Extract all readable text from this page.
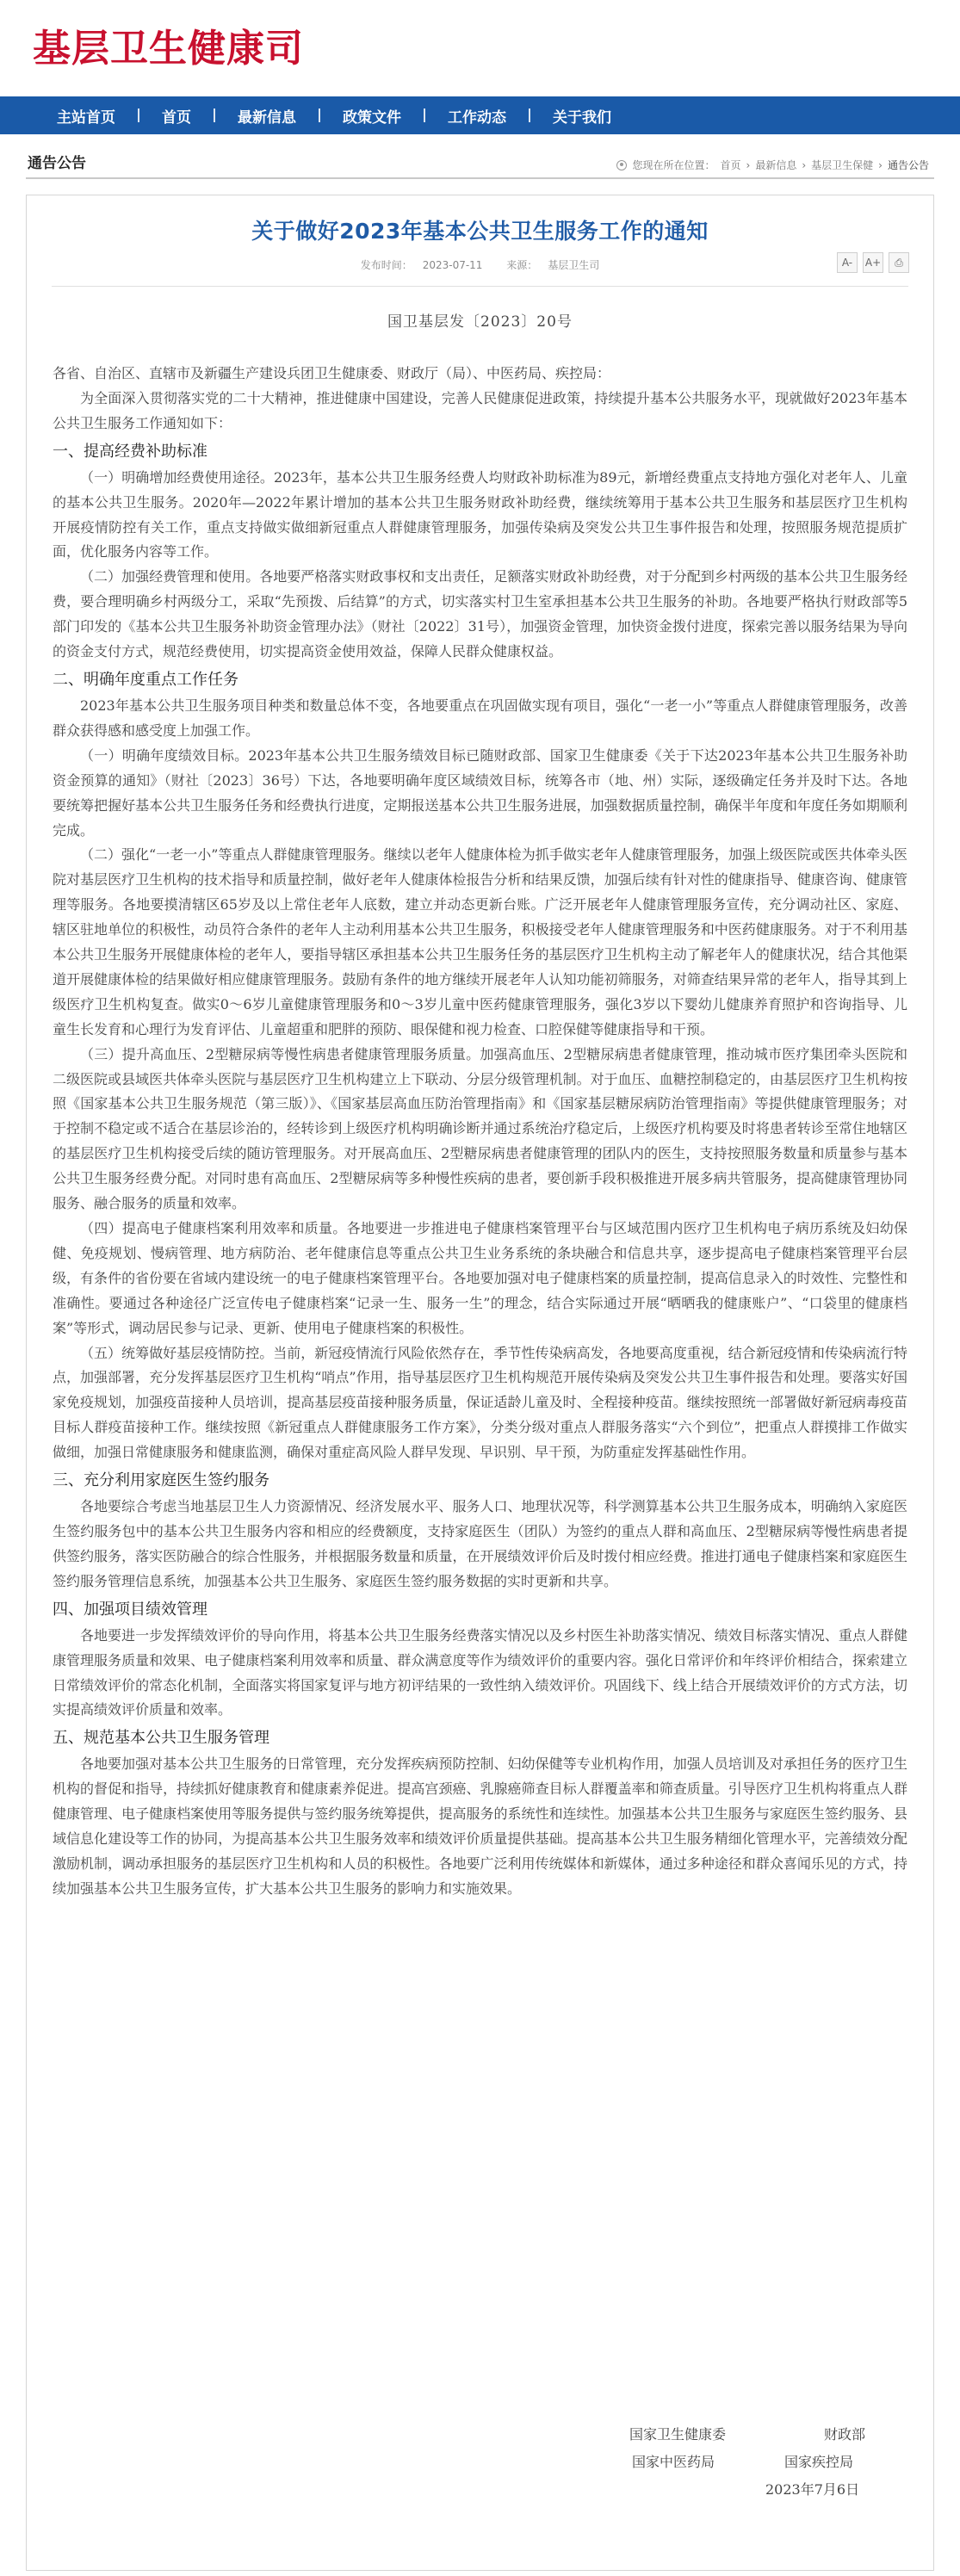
基层卫生健康司
主站首页	首页	最新信息	政策文件	工作动态	关于我们
通告公告	您现在所在位置： 首页 › 最新信息 › 基层卫生保健 › 通告公告
关于做好2023年基本公共卫生服务工作的通知
发布时间： 2023-07-11 来源： 基层卫生司	A-	A+	⎙
国卫基层发〔2023〕20号

各省、自治区、直辖市及新疆生产建设兵团卫生健康委、财政厅（局）、中医药局、疾控局：

为全面深入贯彻落实党的二十大精神，推进健康中国建设，完善人民健康促进政策，持续提升基本公共服务水平，现就做好2023年基本公共卫生服务工作通知如下：

一、提高经费补助标准

（一）明确增加经费使用途径。2023年，基本公共卫生服务经费人均财政补助标准为89元，新增经费重点支持地方强化对老年人、儿童的基本公共卫生服务。2020年—2022年累计增加的基本公共卫生服务财政补助经费，继续统筹用于基本公共卫生服务和基层医疗卫生机构开展疫情防控有关工作，重点支持做实做细新冠重点人群健康管理服务，加强传染病及突发公共卫生事件报告和处理，按照服务规范提质扩面，优化服务内容等工作。

（二）加强经费管理和使用。各地要严格落实财政事权和支出责任，足额落实财政补助经费，对于分配到乡村两级的基本公共卫生服务经费，要合理明确乡村两级分工，采取“先预拨、后结算”的方式，切实落实村卫生室承担基本公共卫生服务的补助。各地要严格执行财政部等5部门印发的《基本公共卫生服务补助资金管理办法》（财社〔2022〕31号），加强资金管理，加快资金拨付进度，探索完善以服务结果为导向的资金支付方式，规范经费使用，切实提高资金使用效益，保障人民群众健康权益。

二、明确年度重点工作任务

2023年基本公共卫生服务项目种类和数量总体不变，各地要重点在巩固做实现有项目，强化“一老一小”等重点人群健康管理服务，改善群众获得感和感受度上加强工作。

（一）明确年度绩效目标。2023年基本公共卫生服务绩效目标已随财政部、国家卫生健康委《关于下达2023年基本公共卫生服务补助资金预算的通知》（财社〔2023〕36号）下达，各地要明确年度区域绩效目标，统筹各市（地、州）实际，逐级确定任务并及时下达。各地要统筹把握好基本公共卫生服务任务和经费执行进度，定期报送基本公共卫生服务进展，加强数据质量控制，确保半年度和年度任务如期顺利完成。

（二）强化“一老一小”等重点人群健康管理服务。继续以老年人健康体检为抓手做实老年人健康管理服务，加强上级医院或医共体牵头医院对基层医疗卫生机构的技术指导和质量控制，做好老年人健康体检报告分析和结果反馈，加强后续有针对性的健康指导、健康咨询、健康管理等服务。各地要摸清辖区65岁及以上常住老年人底数，建立并动态更新台账。广泛开展老年人健康管理服务宣传，充分调动社区、家庭、辖区驻地单位的积极性，动员符合条件的老年人主动利用基本公共卫生服务，积极接受老年人健康管理服务和中医药健康服务。对于不利用基本公共卫生服务开展健康体检的老年人，要指导辖区承担基本公共卫生服务任务的基层医疗卫生机构主动了解老年人的健康状况，结合其他渠道开展健康体检的结果做好相应健康管理服务。鼓励有条件的地方继续开展老年人认知功能初筛服务，对筛查结果异常的老年人，指导其到上级医疗卫生机构复查。做实0～6岁儿童健康管理服务和0～3岁儿童中医药健康管理服务，强化3岁以下婴幼儿健康养育照护和咨询指导、儿童生长发育和心理行为发育评估、儿童超重和肥胖的预防、眼保健和视力检查、口腔保健等健康指导和干预。

（三）提升高血压、2型糖尿病等慢性病患者健康管理服务质量。加强高血压、2型糖尿病患者健康管理，推动城市医疗集团牵头医院和二级医院或县域医共体牵头医院与基层医疗卫生机构建立上下联动、分层分级管理机制。对于血压、血糖控制稳定的，由基层医疗卫生机构按照《国家基本公共卫生服务规范（第三版）》、《国家基层高血压防治管理指南》和《国家基层糖尿病防治管理指南》等提供健康管理服务；对于控制不稳定或不适合在基层诊治的，经转诊到上级医疗机构明确诊断并通过系统治疗稳定后，上级医疗机构要及时将患者转诊至常住地辖区的基层医疗卫生机构接受后续的随访管理服务。对开展高血压、2型糖尿病患者健康管理的团队内的医生，支持按照服务数量和质量参与基本公共卫生服务经费分配。对同时患有高血压、2型糖尿病等多种慢性疾病的患者，要创新手段积极推进开展多病共管服务，提高健康管理协同服务、融合服务的质量和效率。

（四）提高电子健康档案利用效率和质量。各地要进一步推进电子健康档案管理平台与区域范围内医疗卫生机构电子病历系统及妇幼保健、免疫规划、慢病管理、地方病防治、老年健康信息等重点公共卫生业务系统的条块融合和信息共享，逐步提高电子健康档案管理平台层级，有条件的省份要在省域内建设统一的电子健康档案管理平台。各地要加强对电子健康档案的质量控制，提高信息录入的时效性、完整性和准确性。要通过各种途径广泛宣传电子健康档案“记录一生、服务一生”的理念，结合实际通过开展“晒晒我的健康账户”、“口袋里的健康档案”等形式，调动居民参与记录、更新、使用电子健康档案的积极性。

（五）统筹做好基层疫情防控。当前，新冠疫情流行风险依然存在，季节性传染病高发，各地要高度重视，结合新冠疫情和传染病流行特点，加强部署，充分发挥基层医疗卫生机构“哨点”作用，指导基层医疗卫生机构规范开展传染病及突发公共卫生事件报告和处理。要落实好国家免疫规划，加强疫苗接种人员培训，提高基层疫苗接种服务质量，保证适龄儿童及时、全程接种疫苗。继续按照统一部署做好新冠病毒疫苗目标人群疫苗接种工作。继续按照《新冠重点人群健康服务工作方案》，分类分级对重点人群服务落实“六个到位”，把重点人群摸排工作做实做细，加强日常健康服务和健康监测，确保对重症高风险人群早发现、早识别、早干预，为防重症发挥基础性作用。

三、充分利用家庭医生签约服务

各地要综合考虑当地基层卫生人力资源情况、经济发展水平、服务人口、地理状况等，科学测算基本公共卫生服务成本，明确纳入家庭医生签约服务包中的基本公共卫生服务内容和相应的经费额度，支持家庭医生（团队）为签约的重点人群和高血压、2型糖尿病等慢性病患者提供签约服务，落实医防融合的综合性服务，并根据服务数量和质量，在开展绩效评价后及时拨付相应经费。推进打通电子健康档案和家庭医生签约服务管理信息系统，加强基本公共卫生服务、家庭医生签约服务数据的实时更新和共享。

四、加强项目绩效管理

各地要进一步发挥绩效评价的导向作用，将基本公共卫生服务经费落实情况以及乡村医生补助落实情况、绩效目标落实情况、重点人群健康管理服务质量和效果、电子健康档案利用效率和质量、群众满意度等作为绩效评价的重要内容。强化日常评价和年终评价相结合，探索建立日常绩效评价的常态化机制，全面落实将国家复评与地方初评结果的一致性纳入绩效评价。巩固线下、线上结合开展绩效评价的方式方法，切实提高绩效评价质量和效率。

五、规范基本公共卫生服务管理

各地要加强对基本公共卫生服务的日常管理，充分发挥疾病预防控制、妇幼保健等专业机构作用，加强人员培训及对承担任务的医疗卫生机构的督促和指导，持续抓好健康教育和健康素养促进。提高宫颈癌、乳腺癌筛查目标人群覆盖率和筛查质量。引导医疗卫生机构将重点人群健康管理、电子健康档案使用等服务提供与签约服务统筹提供，提高服务的系统性和连续性。加强基本公共卫生服务与家庭医生签约服务、县域信息化建设等工作的协同，为提高基本公共卫生服务效率和绩效评价质量提供基础。提高基本公共卫生服务精细化管理水平，完善绩效分配激励机制，调动承担服务的基层医疗卫生机构和人员的积极性。各地要广泛利用传统媒体和新媒体，通过多种途径和群众喜闻乐见的方式，持续加强基本公共卫生服务宣传，扩大基本公共卫生服务的影响力和实施效果。

国家卫生健康委	财政部
国家中医药局	国家疾控局
2023年7月6日
